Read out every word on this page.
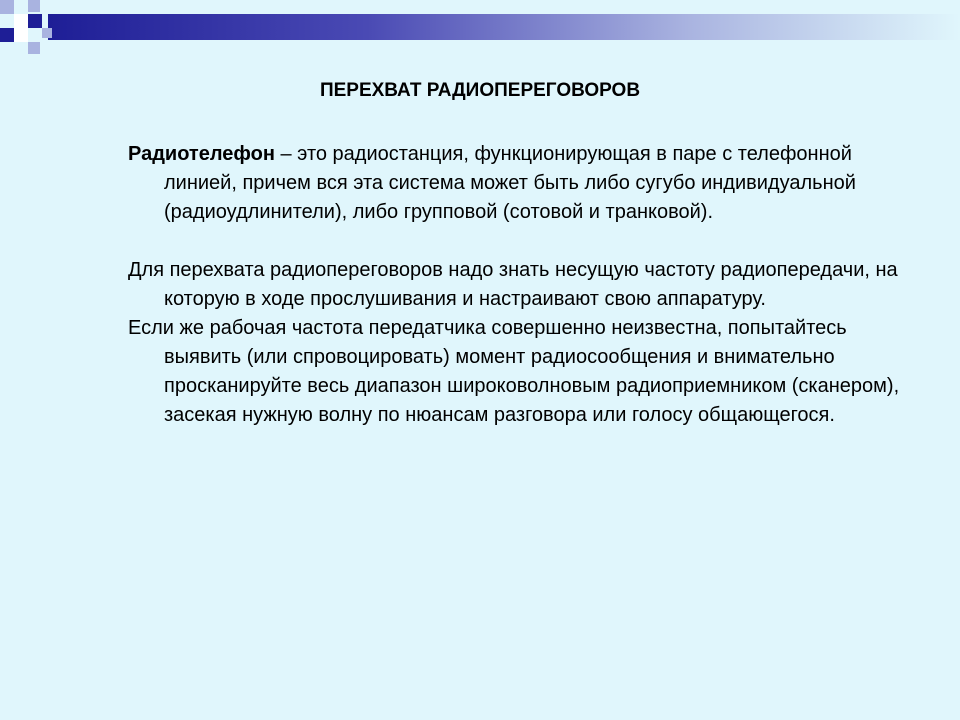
ПЕРЕХВАТ РАДИОПЕРЕГОВОРОВ

Радиотелефон – это радиостанция, функционирующая в паре с телефонной линией, причем вся эта система может быть либо сугубо индивидуальной (радиоудлинители), либо групповой (сотовой и транковой).

Для перехвата радиопереговоров надо знать несущую частоту радиопередачи, на которую в ходе прослушивания и настраивают свою аппаратуру.

Если же рабочая частота передатчика совершенно неизвестна, попытайтесь выявить (или спровоцировать) момент радиосообщения и внимательно просканируйте весь диапазон широковолновым радиоприемником (сканером), засекая нужную волну по нюансам разговора или голосу общающегося.
